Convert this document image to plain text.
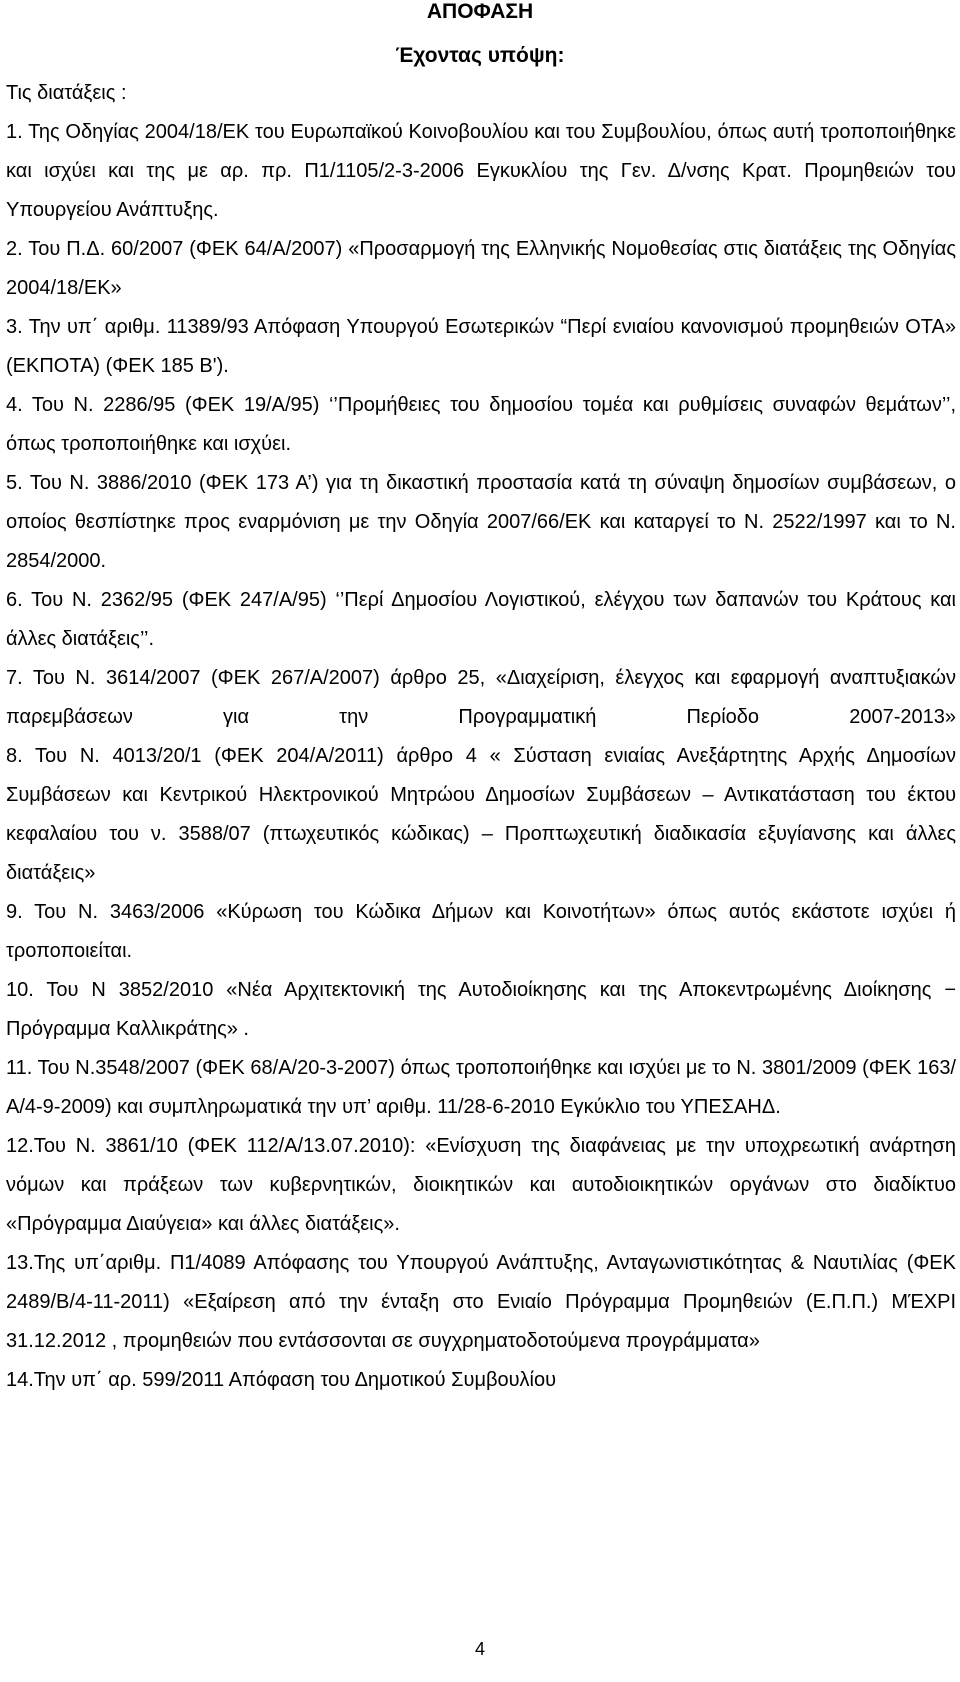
ΑΠΟΦΑΣΗ
Έχοντας υπόψη:

Τις διατάξεις :

1. Της Οδηγίας 2004/18/ΕΚ του Ευρωπαϊκού Κοινοβουλίου και του Συμβουλίου, όπως αυτή τροποποιήθηκε και ισχύει και της με αρ. πρ. Π1/1105/2-3-2006 Εγκυκλίου της Γεν. Δ/νσης Κρατ. Προμηθειών του Υπουργείου Ανάπτυξης.

2. Του Π.Δ. 60/2007 (ΦΕΚ 64/Α/2007) «Προσαρμογή της Ελληνικής Νομοθεσίας στις διατάξεις της Οδηγίας 2004/18/ΕΚ»

3. Την υπ΄ αριθμ. 11389/93 Απόφαση Υπουργού Εσωτερικών “Περί ενιαίου κανονισμού προμηθειών ΟΤΑ» (ΕΚΠΟΤΑ) (ΦΕΚ 185 Β').

4. Του Ν. 2286/95 (ΦΕΚ 19/Α/95) ‘’Προμήθειες του δημοσίου τομέα και ρυθμίσεις συναφών θεμάτων’’, όπως τροποποιήθηκε και ισχύει.

5. Του Ν. 3886/2010 (ΦΕΚ 173 Α’) για τη δικαστική προστασία κατά τη σύναψη δημοσίων συμβάσεων, ο οποίος θεσπίστηκε προς εναρμόνιση με την Οδηγία 2007/66/ΕΚ και καταργεί το Ν. 2522/1997 και το Ν. 2854/2000.

6. Του Ν. 2362/95 (ΦΕΚ 247/Α/95) ‘’Περί Δημοσίου Λογιστικού, ελέγχου των δαπανών του Κράτους και άλλες διατάξεις’’.

7. Του Ν. 3614/2007 (ΦΕΚ 267/Α/2007) άρθρο 25, «Διαχείριση, έλεγχος και εφαρμογή αναπτυξιακών παρεμβάσεων για την Προγραμματική Περίοδο 2007-2013»

8. Του Ν. 4013/20/1 (ΦΕΚ 204/Α/2011) άρθρο 4 « Σύσταση ενιαίας Ανεξάρτητης Αρχής Δημοσίων Συμβάσεων και Κεντρικού Ηλεκτρονικού Μητρώου Δημοσίων Συμβάσεων – Αντικατάσταση του έκτου κεφαλαίου του ν. 3588/07 (πτωχευτικός κώδικας) – Προπτωχευτική διαδικασία εξυγίανσης και άλλες διατάξεις»

9. Του Ν. 3463/2006 «Κύρωση του Κώδικα Δήμων και Κοινοτήτων» όπως αυτός εκάστοτε ισχύει ή τροποποιείται.

10. Του Ν 3852/2010 «Νέα Αρχιτεκτονική της Αυτοδιοίκησης και της Αποκεντρωμένης Διοίκησης − Πρόγραμμα Καλλικράτης» .

11. Του Ν.3548/2007 (ΦΕΚ 68/Α/20-3-2007) όπως τροποποιήθηκε και ισχύει με το Ν. 3801/2009 (ΦΕΚ 163/Α/4-9-2009) και συμπληρωματικά την υπ’ αριθμ. 11/28-6-2010 Εγκύκλιο του ΥΠΕΣΑΗΔ.

12.Του Ν. 3861/10 (ΦΕΚ 112/Α/13.07.2010): «Ενίσχυση της διαφάνειας με την υποχρεωτική ανάρτηση νόμων και πράξεων των κυβερνητικών, διοικητικών και αυτοδιοικητικών οργάνων στο διαδίκτυο «Πρόγραμμα Διαύγεια» και άλλες διατάξεις».

13.Της υπ΄αριθμ. Π1/4089 Απόφασης του Υπουργού Ανάπτυξης, Ανταγωνιστικότητας & Ναυτιλίας (ΦΕΚ 2489/Β/4-11-2011) «Εξαίρεση από την ένταξη στο Ενιαίο Πρόγραμμα Προμηθειών (Ε.Π.Π.) ΜΈΧΡΙ 31.12.2012 , προμηθειών που εντάσσονται σε συγχρηματοδοτούμενα προγράμματα»

14.Την υπ΄ αρ. 599/2011 Απόφαση του Δημοτικού Συμβουλίου

4
